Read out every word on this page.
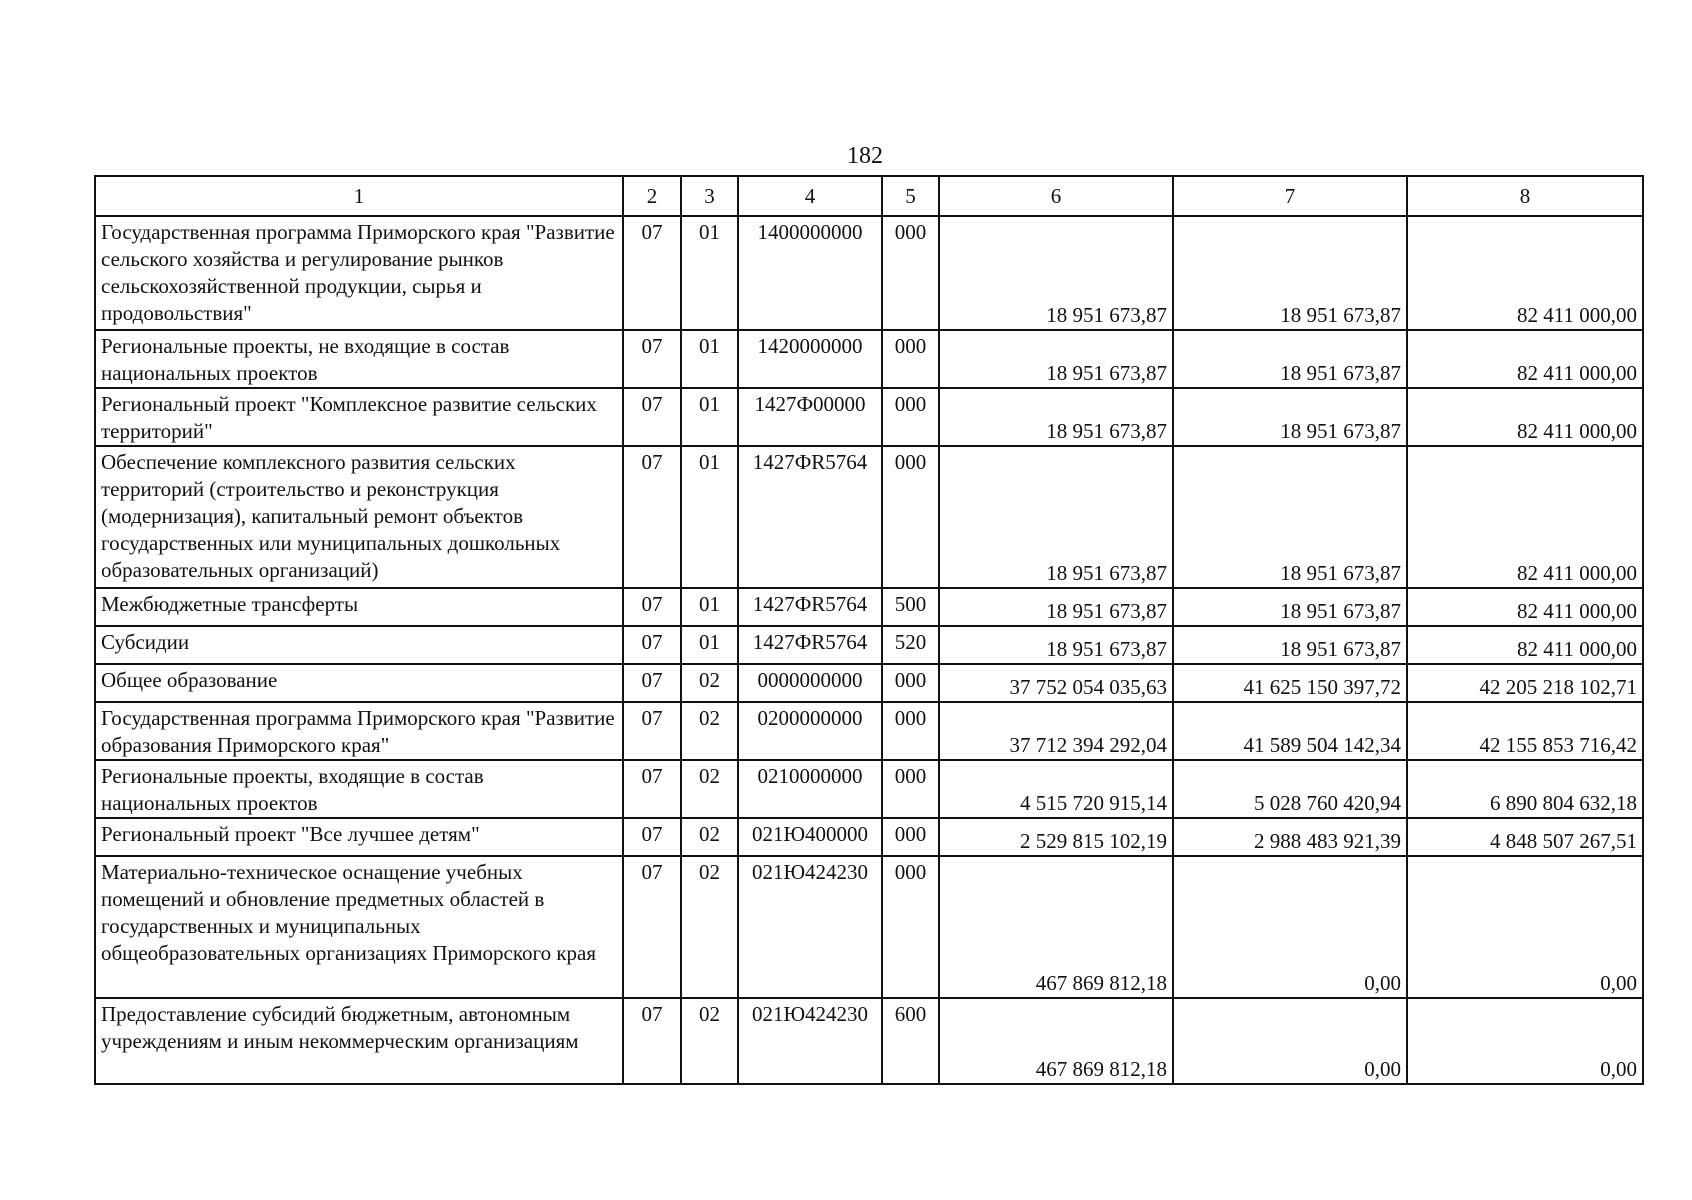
182
1	2	3	4	5	6	7	8
Государственная программа Приморского края "Развитие сельского хозяйства и регулирование рынков сельскохозяйственной продукции, сырья и продовольствия"	07	01	1400000000	000	18 951 673,87	18 951 673,87	82 411 000,00
Региональные проекты, не входящие в состав национальных проектов	07	01	1420000000	000	18 951 673,87	18 951 673,87	82 411 000,00
Региональный проект "Комплексное развитие сельских территорий"	07	01	1427Ф00000	000	18 951 673,87	18 951 673,87	82 411 000,00
Обеспечение комплексного развития сельских территорий (строительство и реконструкция (модернизация), капитальный ремонт объектов государственных или муниципальных дошкольных образовательных организаций)	07	01	1427ФR5764	000	18 951 673,87	18 951 673,87	82 411 000,00
Межбюджетные трансферты	07	01	1427ФR5764	500	18 951 673,87	18 951 673,87	82 411 000,00
Субсидии	07	01	1427ФR5764	520	18 951 673,87	18 951 673,87	82 411 000,00
Общее образование	07	02	0000000000	000	37 752 054 035,63	41 625 150 397,72	42 205 218 102,71
Государственная программа Приморского края "Развитие образования Приморского края"	07	02	0200000000	000	37 712 394 292,04	41 589 504 142,34	42 155 853 716,42
Региональные проекты, входящие в состав национальных проектов	07	02	0210000000	000	4 515 720 915,14	5 028 760 420,94	6 890 804 632,18
Региональный проект "Все лучшее детям"	07	02	021Ю400000	000	2 529 815 102,19	2 988 483 921,39	4 848 507 267,51
Материально-техническое оснащение учебных помещений и обновление предметных областей в государственных и муниципальных общеобразовательных организациях Приморского края	07	02	021Ю424230	000	467 869 812,18	0,00	0,00
Предоставление субсидий бюджетным, автономным учреждениям и иным некоммерческим организациям	07	02	021Ю424230	600	467 869 812,18	0,00	0,00
